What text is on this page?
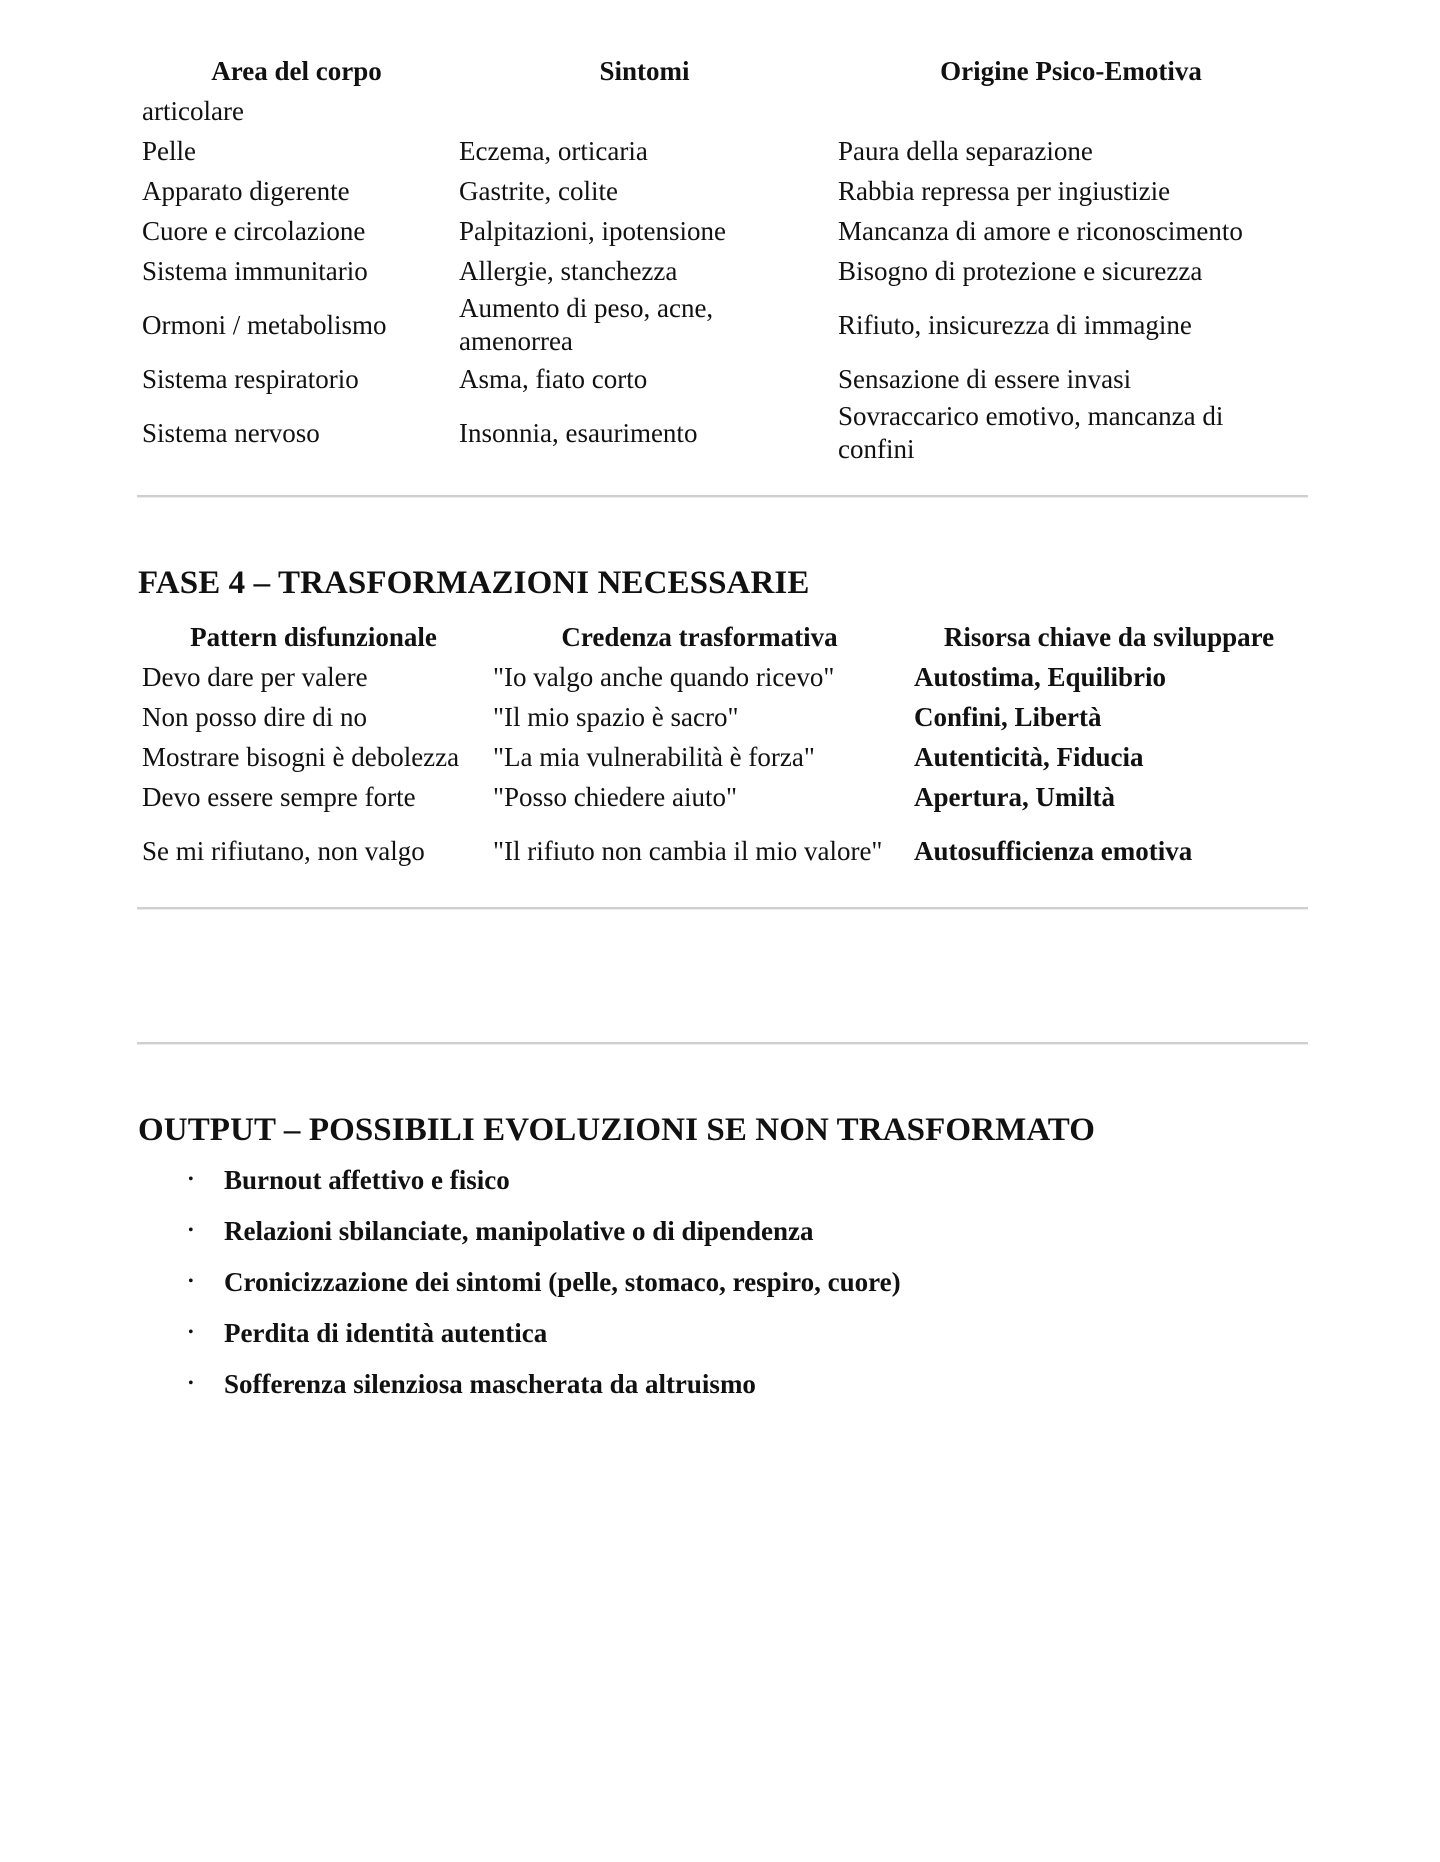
Area del corpo	Sintomi	Origine Psico-Emotiva
articolare		
Pelle	Eczema, orticaria	Paura della separazione
Apparato digerente	Gastrite, colite	Rabbia repressa per ingiustizie
Cuore e circolazione	Palpitazioni, ipotensione	Mancanza di amore e riconoscimento
Sistema immunitario	Allergie, stanchezza	Bisogno di protezione e sicurezza
Ormoni / metabolismo	Aumento di peso, acne, amenorrea	Rifiuto, insicurezza di immagine
Sistema respiratorio	Asma, fiato corto	Sensazione di essere invasi
Sistema nervoso	Insonnia, esaurimento	Sovraccarico emotivo, mancanza di confini
FASE 4 – TRASFORMAZIONI NECESSARIE
Pattern disfunzionale	Credenza trasformativa	Risorsa chiave da sviluppare
Devo dare per valere	"Io valgo anche quando ricevo"	Autostima, Equilibrio
Non posso dire di no	"Il mio spazio è sacro"	Confini, Libertà
Mostrare bisogni è debolezza	"La mia vulnerabilità è forza"	Autenticità, Fiducia
Devo essere sempre forte	"Posso chiedere aiuto"	Apertura, Umiltà
Se mi rifiutano, non valgo	"Il rifiuto non cambia il mio valore"	Autosufficienza emotiva
OUTPUT – POSSIBILI EVOLUZIONI SE NON TRASFORMATO
• Burnout affettivo e fisico
• Relazioni sbilanciate, manipolative o di dipendenza
• Cronicizzazione dei sintomi (pelle, stomaco, respiro, cuore)
• Perdita di identità autentica
• Sofferenza silenziosa mascherata da altruismo
